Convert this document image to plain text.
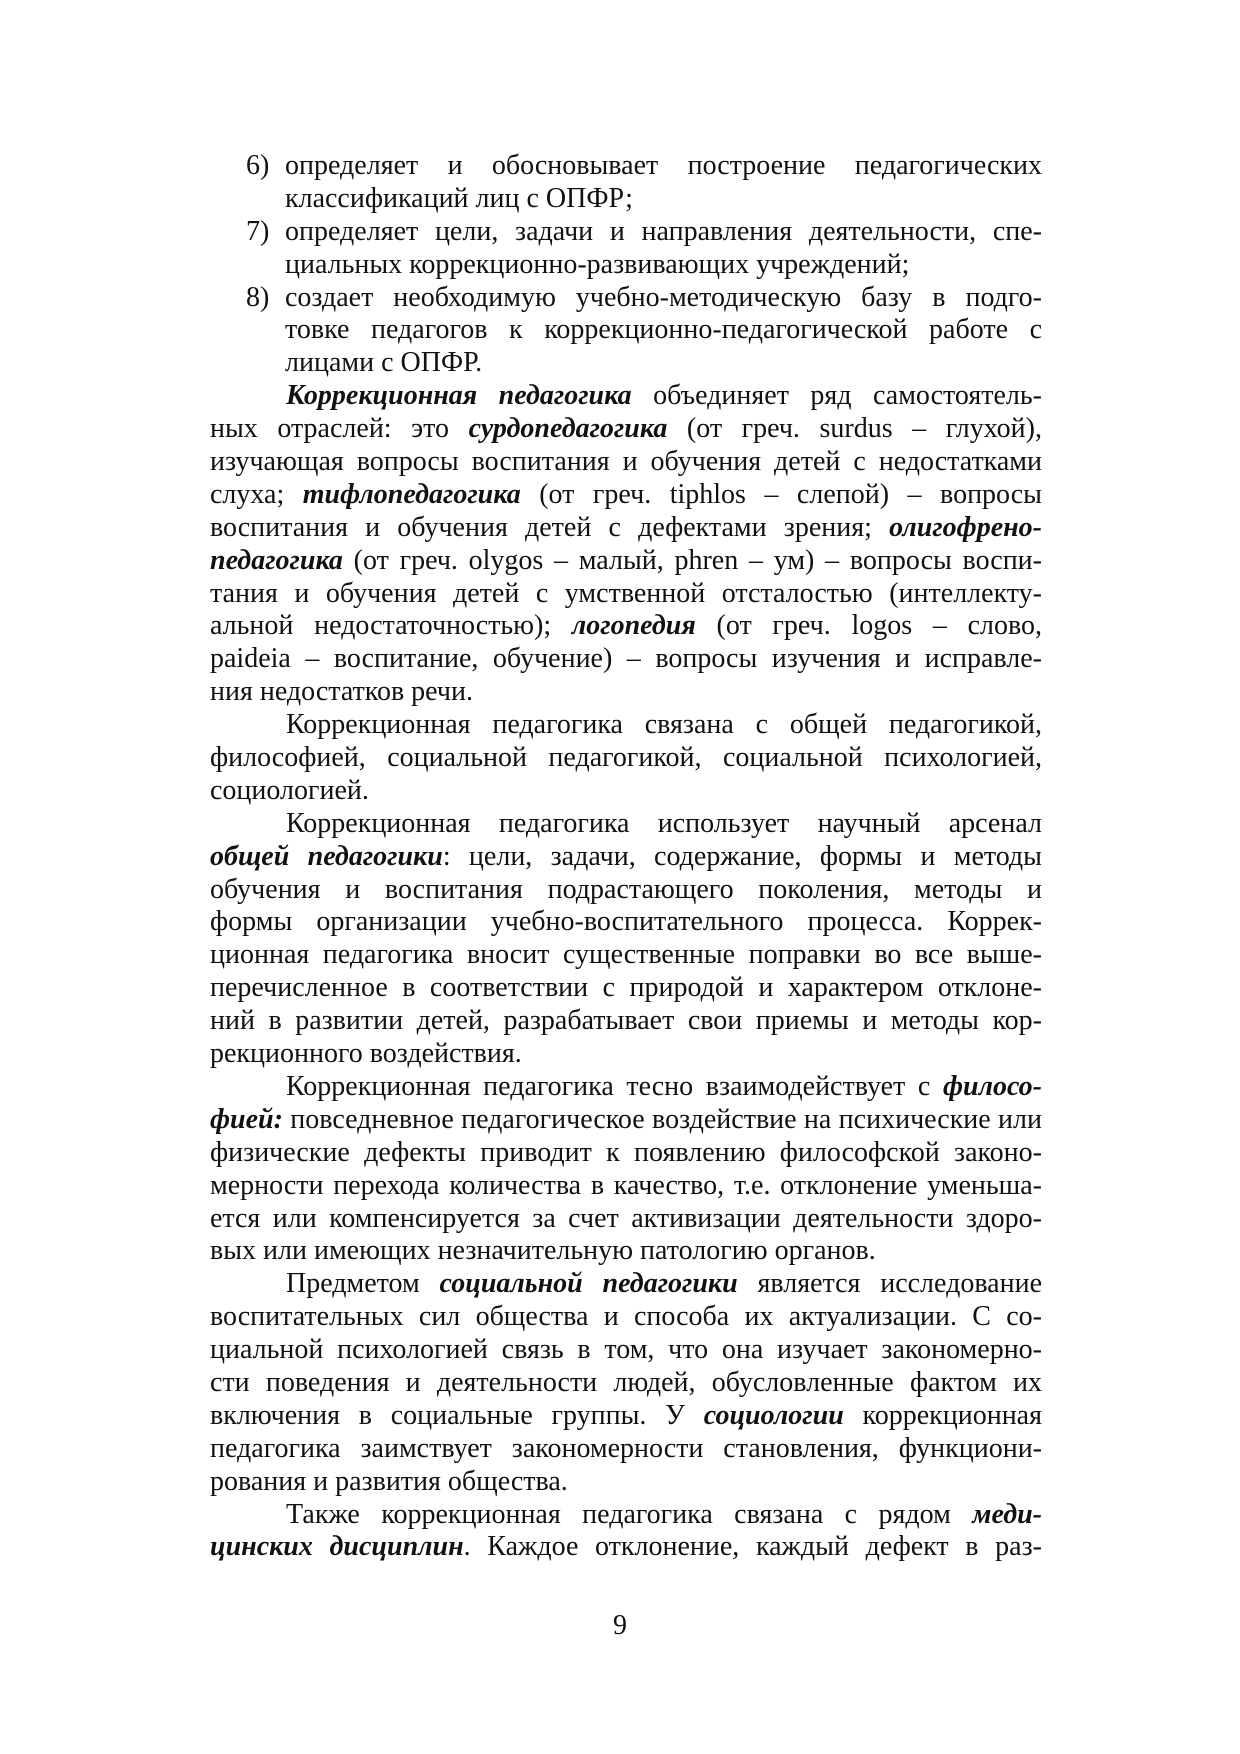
определяет и обосновывает построение педагогических
6)
классификаций лиц с ОПФР;
определяет цели, задачи и направления деятельности, спе-
7)
циальных коррекционно-развивающих учреждений;
создает необходимую учебно-методическую базу в подго-
8)
товке педагогов к коррекционно-педагогической работе с
лицами с ОПФР.
Коррекционная педагогика объединяет ряд самостоятель-
ных отраслей: это сурдопедагогика (от греч. surdus – глухой),
изучающая вопросы воспитания и обучения детей с недостатками
слуха; тифлопедагогика (от греч. tiphlos – слепой) – вопросы
воспитания и обучения детей с дефектами зрения; олигофрено-
педагогика (от греч. olygos – малый, phren – ум) – вопросы воспи-
тания и обучения детей с умственной отсталостью (интеллекту-
альной недостаточностью); логопедия (от греч. logos – слово,
paideia – воспитание, обучение) – вопросы изучения и исправле-
ния недостатков речи.
Коррекционная педагогика связана с общей педагогикой,
философией, социальной педагогикой, социальной психологией,
социологией.
Коррекционная педагогика использует научный арсенал
общей педагогики: цели, задачи, содержание, формы и методы
обучения и воспитания подрастающего поколения, методы и
формы организации учебно-воспитательного процесса. Коррек-
ционная педагогика вносит существенные поправки во все выше-
перечисленное в соответствии с природой и характером отклоне-
ний в развитии детей, разрабатывает свои приемы и методы кор-
рекционного воздействия.
Коррекционная педагогика тесно взаимодействует с филосо-
фией: повседневное педагогическое воздействие на психические или
физические дефекты приводит к появлению философской законо-
мерности перехода количества в качество, т.е. отклонение уменьша-
ется или компенсируется за счет активизации деятельности здоро-
вых или имеющих незначительную патологию органов.
Предметом социальной педагогики является исследование
воспитательных сил общества и способа их актуализации. С со-
циальной психологией связь в том, что она изучает закономерно-
сти поведения и деятельности людей, обусловленные фактом их
включения в социальные группы. У социологии коррекционная
педагогика заимствует закономерности становления, функциони-
рования и развития общества.
Также коррекционная педагогика связана с рядом меди-
цинских дисциплин. Каждое отклонение, каждый дефект в раз-
9
